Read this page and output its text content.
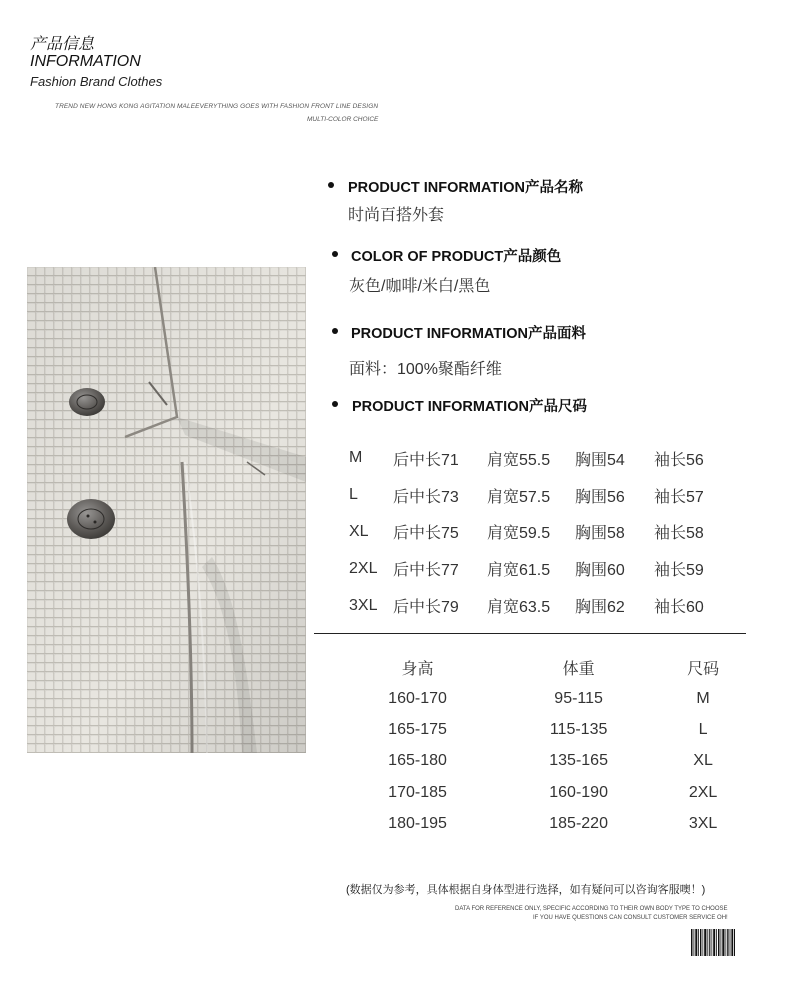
产品信息
INFORMATION
Fashion Brand Clothes
TREND NEW HONG KONG AGITATION MALEEVERYTHING GOES WITH FASHION FRONT LINE DESIGN
MULTI-COLOR CHOICE
PRODUCT INFORMATION产品名称
时尚百搭外套
COLOR OF PRODUCT产品颜色
灰色/咖啡/米白/黑色
PRODUCT INFORMATION产品面料
面料：100%聚酯纤维
PRODUCT INFORMATION产品尺码
M	后中长71	肩宽55.5	胸围54	袖长56
L	后中长73	肩宽57.5	胸围56	袖长57
XL	后中长75	肩宽59.5	胸围58	袖长58
2XL	后中长77	肩宽61.5	胸围60	袖长59
3XL	后中长79	肩宽63.5	胸围62	袖长60
身高	体重	尺码
160-170	95-115	M
165-175	115-135	L
165-180	135-165	XL
170-185	160-190	2XL
180-195	185-220	3XL
(数据仅为参考，具体根据自身体型进行选择，如有疑问可以咨询客服噢！)
DATA FOR REFERENCE ONLY, SPECIFIC ACCORDING TO THEIR OWN BODY TYPE TO CHOOSE
IF YOU HAVE QUESTIONS CAN CONSULT CUSTOMER SERVICE OH!
